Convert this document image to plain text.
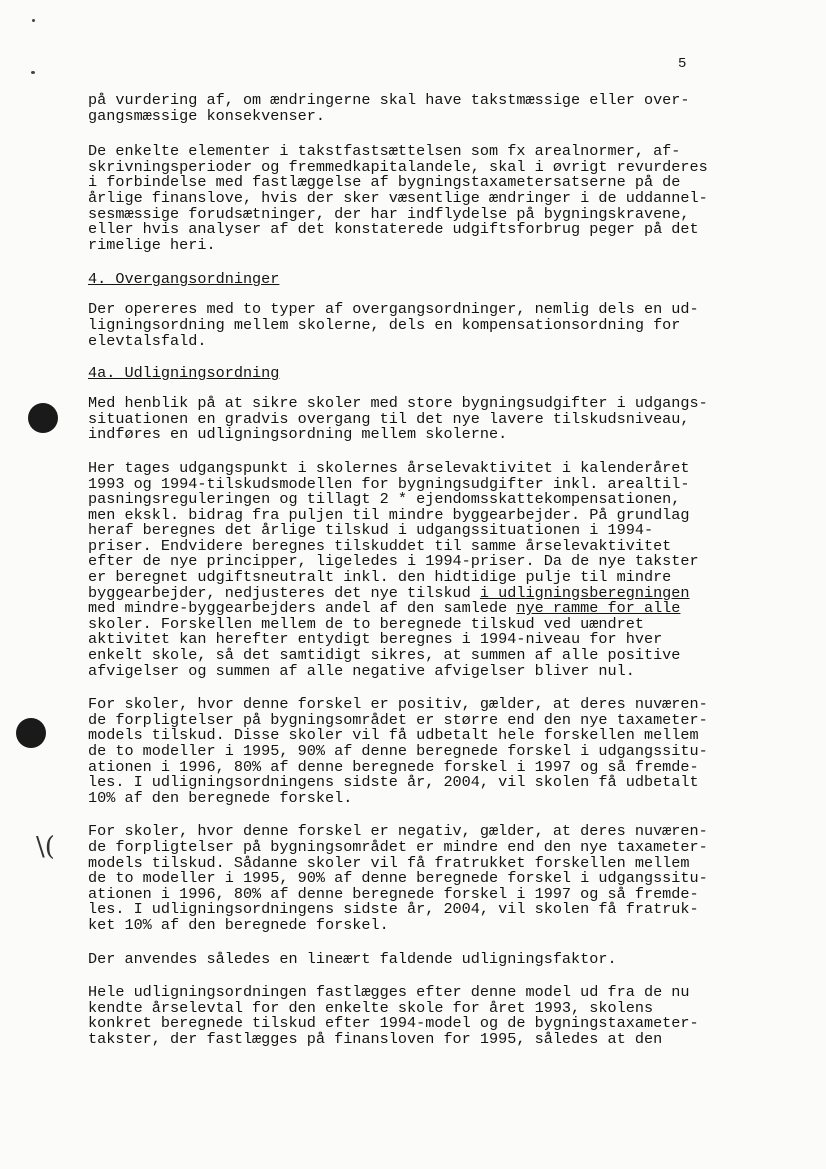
\(
5
på vurdering af, om ændringerne skal have takstmæssige eller over-
gangsmæssige konsekvenser.
De enkelte elementer i takstfastsættelsen som fx arealnormer, af-
skrivningsperioder og fremmedkapitalandele, skal i øvrigt revurderes
i forbindelse med fastlæggelse af bygningstaxametersatserne på de
årlige finanslove, hvis der sker væsentlige ændringer i de uddannel-
sesmæssige forudsætninger, der har indflydelse på bygningskravene,
eller hvis analyser af det konstaterede udgiftsforbrug peger på det
rimelige heri.
4. Overgangsordninger
Der opereres med to typer af overgangsordninger, nemlig dels en ud-
ligningsordning mellem skolerne, dels en kompensationsordning for
elevtalsfald.
4a. Udligningsordning
Med henblik på at sikre skoler med store bygningsudgifter i udgangs-
situationen en gradvis overgang til det nye lavere tilskudsniveau,
indføres en udligningsordning mellem skolerne.
Her tages udgangspunkt i skolernes årselevaktivitet i kalenderåret
1993 og 1994-tilskudsmodellen for bygningsudgifter inkl. arealtil-
pasningsreguleringen og tillagt 2 * ejendomsskattekompensationen,
men ekskl. bidrag fra puljen til mindre byggearbejder. På grundlag
heraf beregnes det årlige tilskud i udgangssituationen i 1994-
priser. Endvidere beregnes tilskuddet til samme årselevaktivitet
efter de nye principper, ligeledes i 1994-priser. Da de nye takster
er beregnet udgiftsneutralt inkl. den hidtidige pulje til mindre
byggearbejder, nedjusteres det nye tilskud i udligningsberegningen
med mindre-byggearbejders andel af den samlede nye ramme for alle
skoler. Forskellen mellem de to beregnede tilskud ved uændret
aktivitet kan herefter entydigt beregnes i 1994-niveau for hver
enkelt skole, så det samtidigt sikres, at summen af alle positive
afvigelser og summen af alle negative afvigelser bliver nul.
For skoler, hvor denne forskel er positiv, gælder, at deres nuværen-
de forpligtelser på bygningsområdet er større end den nye taxameter-
models tilskud. Disse skoler vil få udbetalt hele forskellen mellem
de to modeller i 1995, 90% af denne beregnede forskel i udgangssitu-
ationen i 1996, 80% af denne beregnede forskel i 1997 og så fremde-
les. I udligningsordningens sidste år, 2004, vil skolen få udbetalt
10% af den beregnede forskel.
For skoler, hvor denne forskel er negativ, gælder, at deres nuværen-
de forpligtelser på bygningsområdet er mindre end den nye taxameter-
models tilskud. Sådanne skoler vil få fratrukket forskellen mellem
de to modeller i 1995, 90% af denne beregnede forskel i udgangssitu-
ationen i 1996, 80% af denne beregnede forskel i 1997 og så fremde-
les. I udligningsordningens sidste år, 2004, vil skolen få fratruk-
ket 10% af den beregnede forskel.
Der anvendes således en lineært faldende udligningsfaktor.
Hele udligningsordningen fastlægges efter denne model ud fra de nu
kendte årselevtal for den enkelte skole for året 1993, skolens
konkret beregnede tilskud efter 1994-model og de bygningstaxameter-
takster, der fastlægges på finansloven for 1995, således at den
